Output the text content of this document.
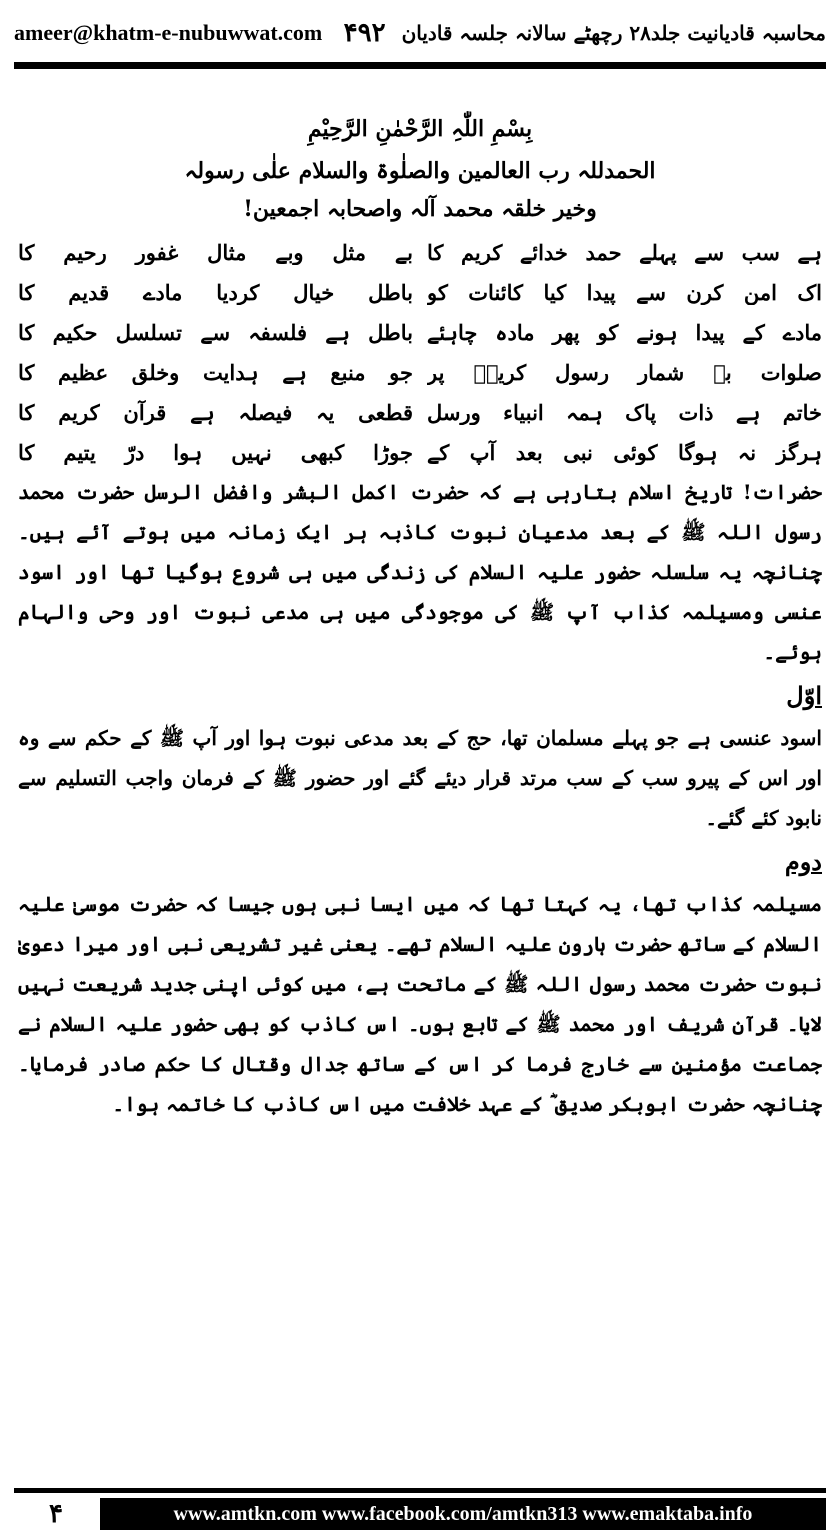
ameer@khatm-e-nubuwwat.com	محاسبہ قادیانیت جلد۲۸ رچھٹے سالانہ جلسہ قادیان
۴۹۲
بِسْمِ اللّٰہِ الرَّحْمٰنِ الرَّحِیْمِ
الحمدللہ رب العالمین والصلٰوۃ والسلام علٰی رسولہ
وخیر خلقہ محمد آلہ واصحابہ اجمعین!
ہے سب سے پہلے حمد خدائے کریم کا
بے مثل وبے مثال غفور رحیم کا
اک امن کرن سے پیدا کیا کائنات کو
باطل خیال کردیا مادے قدیم کا
مادے کے پیدا ہونے کو پھر مادہ چاہئے
باطل ہے فلسفہ سے تسلسل حکیم کا
صلوات بے شمار رسول کریمؐ پر
جو منبع ہے ہدایت وخلق عظیم کا
خاتم ہے ذات پاک ہمہ انبیاء ورسل
قطعی یہ فیصلہ ہے قرآن کریم کا
ہرگز نہ ہوگا کوئی نبی بعد آپ کے
جوڑا کبھی نہیں ہوا درّ یتیم کا

حضرات! تاریخ اسلام بتارہی ہے کہ حضرت اکمل البشر وافضل الرسل حضرت محمد رسول اللہ ﷺ کے بعد مدعیان نبوت کاذبہ ہر ایک زمانہ میں ہوتے آئے ہیں۔ چنانچہ یہ سلسلہ حضور علیہ السلام کی زندگی میں ہی شروع ہوگیا تھا اور اسود عنسی ومسیلمہ کذاب آپ ﷺ کی موجودگی میں ہی مدعی نبوت اور وحی والہام ہوئے۔

اوّل

اسود عنسی ہے جو پہلے مسلمان تھا، حج کے بعد مدعی نبوت ہوا اور آپ ﷺ کے حکم سے وہ اور اس کے پیرو سب کے سب مرتد قرار دیئے گئے اور حضور ﷺ کے فرمان واجب التسلیم سے نابود کئے گئے۔

دوم

مسیلمہ کذاب تھا، یہ کہتا تھا کہ میں ایسا نبی ہوں جیسا کہ حضرت موسیٰ علیہ السلام کے ساتھ حضرت ہارون علیہ السلام تھے۔ یعنی غیر تشریعی نبی اور میرا دعویٰ نبوت حضرت محمد رسول اللہ ﷺ کے ماتحت ہے، میں کوئی اپنی جدید شریعت نہیں لایا۔ قرآن شریف اور محمد ﷺ کے تابع ہوں۔ اس کاذب کو بھی حضور علیہ السلام نے جماعت مؤمنین سے خارج فرما کر اس کے ساتھ جدال وقتال کا حکم صادر فرمایا۔ چنانچہ حضرت ابوبکر صدیق ؓ کے عہد خلافت میں اس کاذب کا خاتمہ ہوا۔

۴	www.amtkn.com www.facebook.com/amtkn313 www.emaktaba.info
